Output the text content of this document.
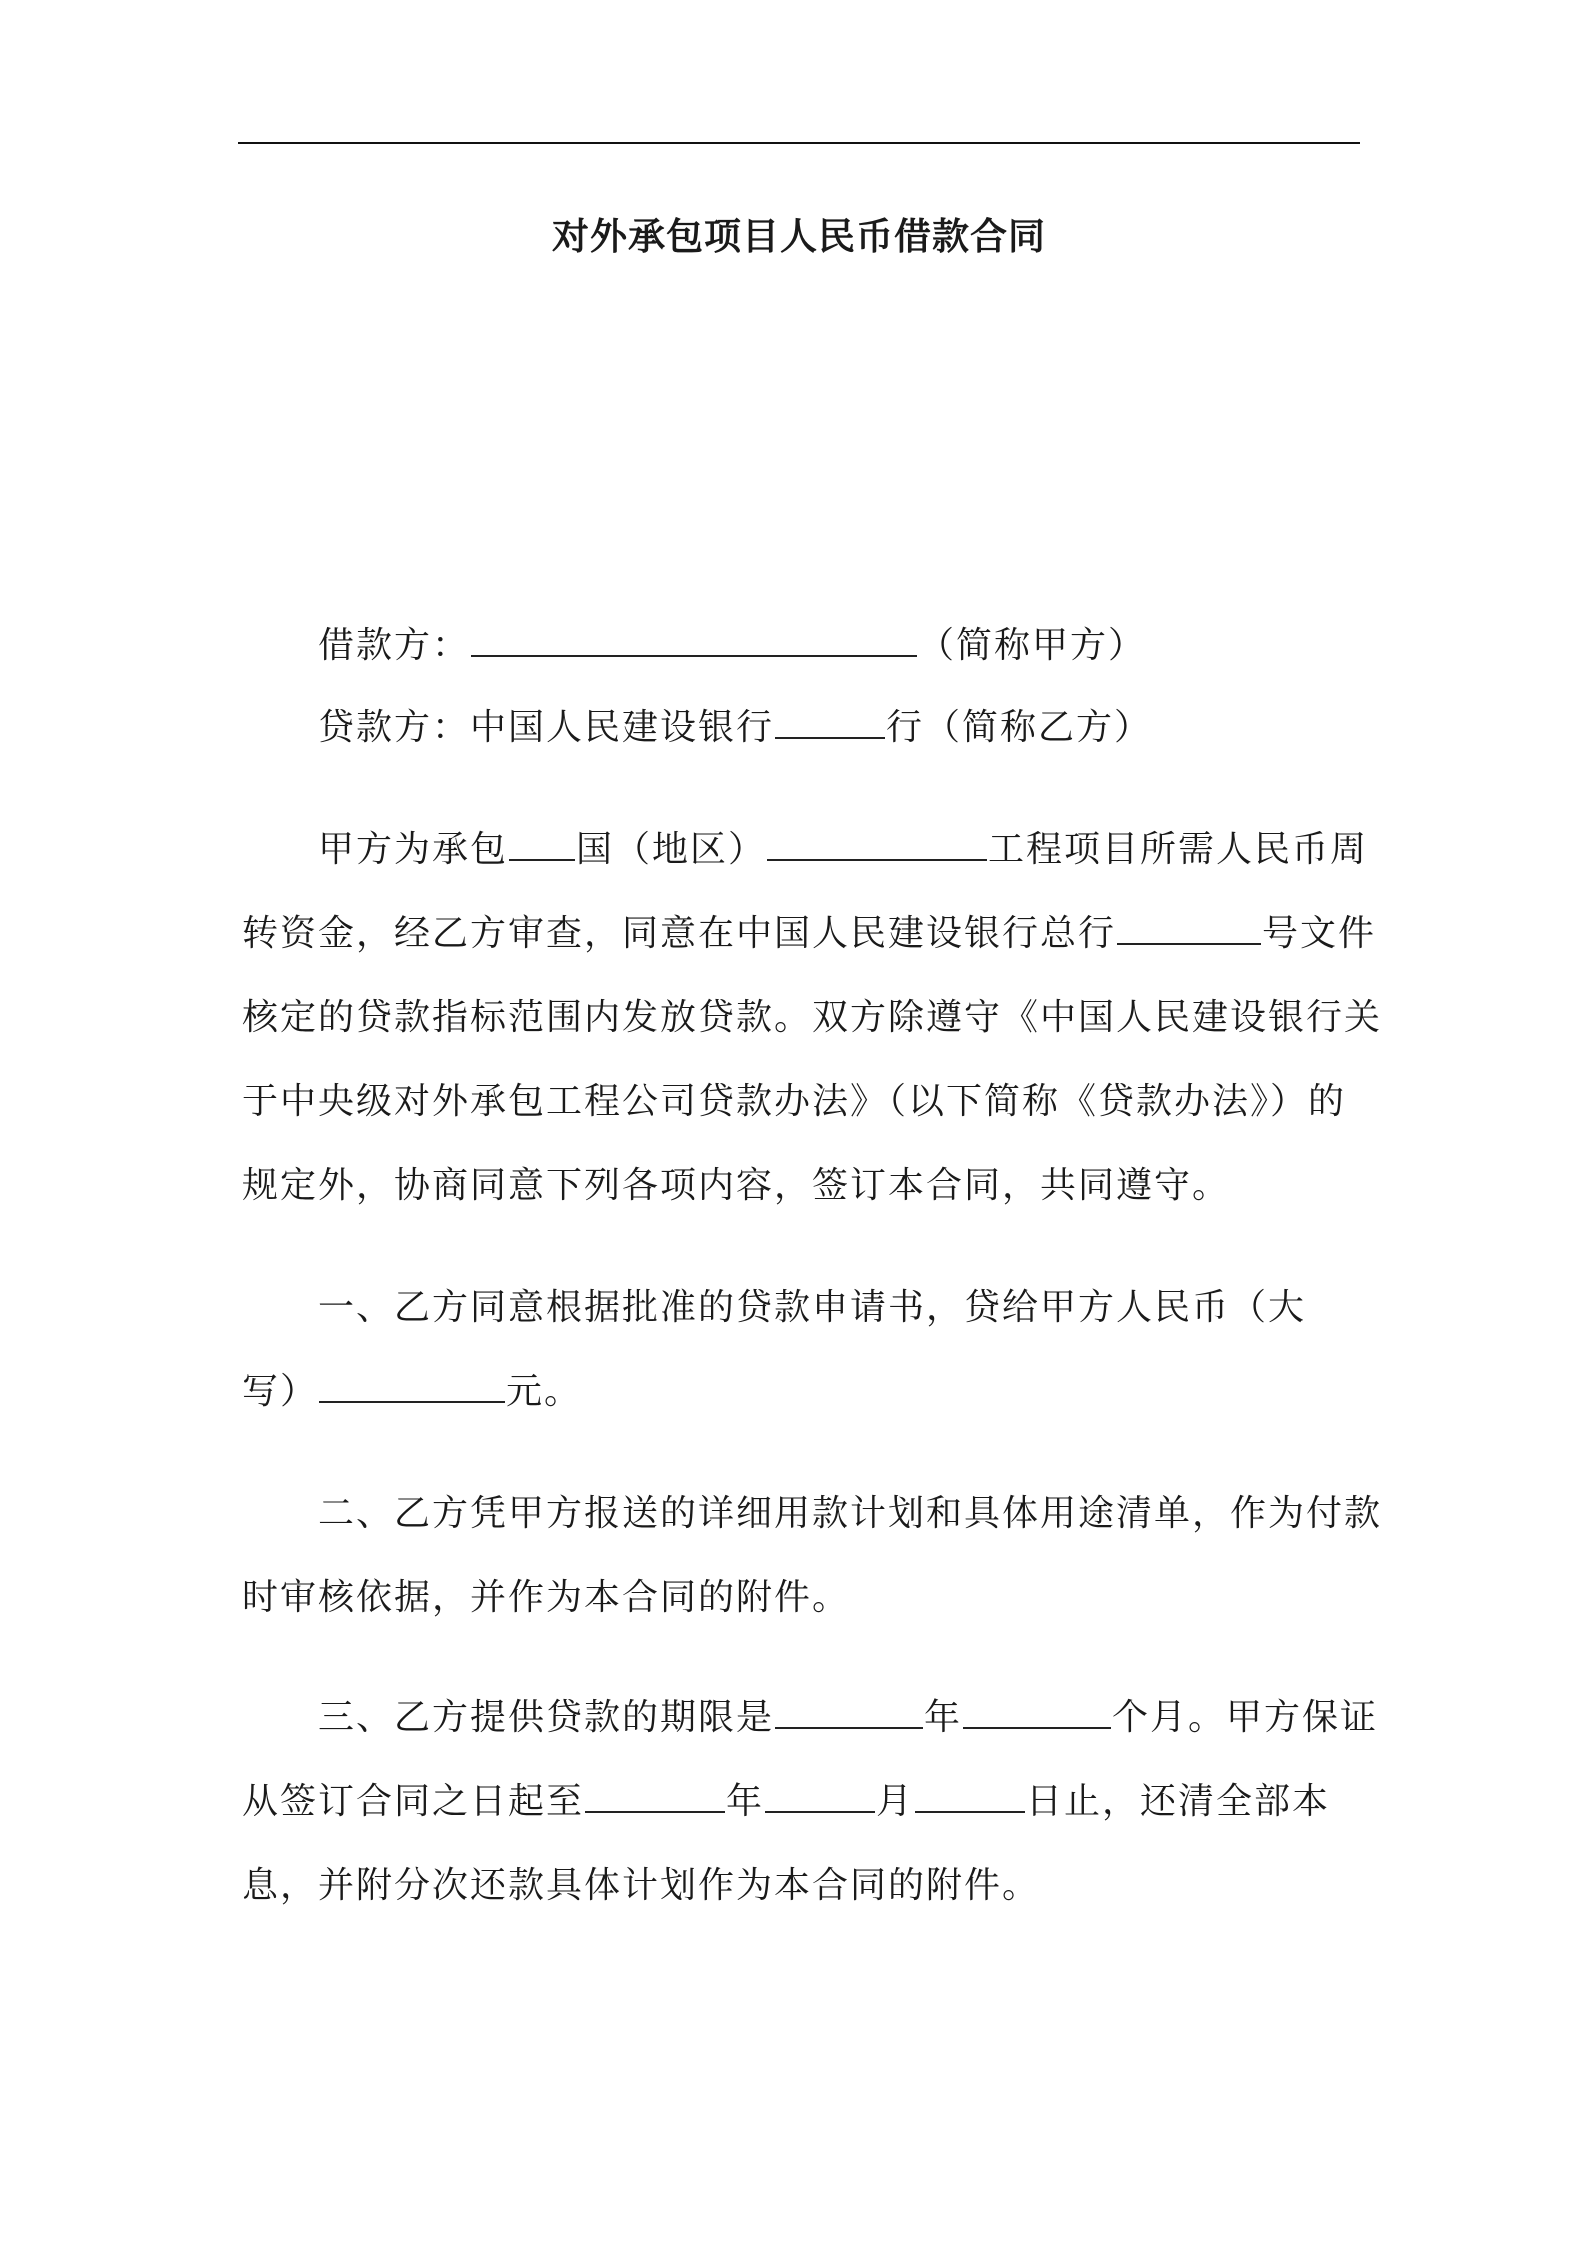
对外承包项目人民币借款合同

借款方：	（简称甲方）

贷款方：中国人民建设银行	行（简称乙方）

甲方为承包 国（地区）	工程项目所需人民币周

转资金，经乙方审查，同意在中国人民建设银行总行	号文件

核定的贷款指标范围内发放贷款。双方除遵守《中国人民建设银行关

于中央级对外承包工程公司贷款办法》（以下简称《贷款办法》）的

规定外，协商同意下列各项内容，签订本合同，共同遵守。

一、乙方同意根据批准的贷款申请书，贷给甲方人民币（大

写）	元。

二、乙方凭甲方报送的详细用款计划和具体用途清单，作为付款

时审核依据，并作为本合同的附件。

三、乙方提供贷款的期限是	年	个月。甲方保证

从签订合同之日起至	年	月	日止，还清全部本

息，并附分次还款具体计划作为本合同的附件。
